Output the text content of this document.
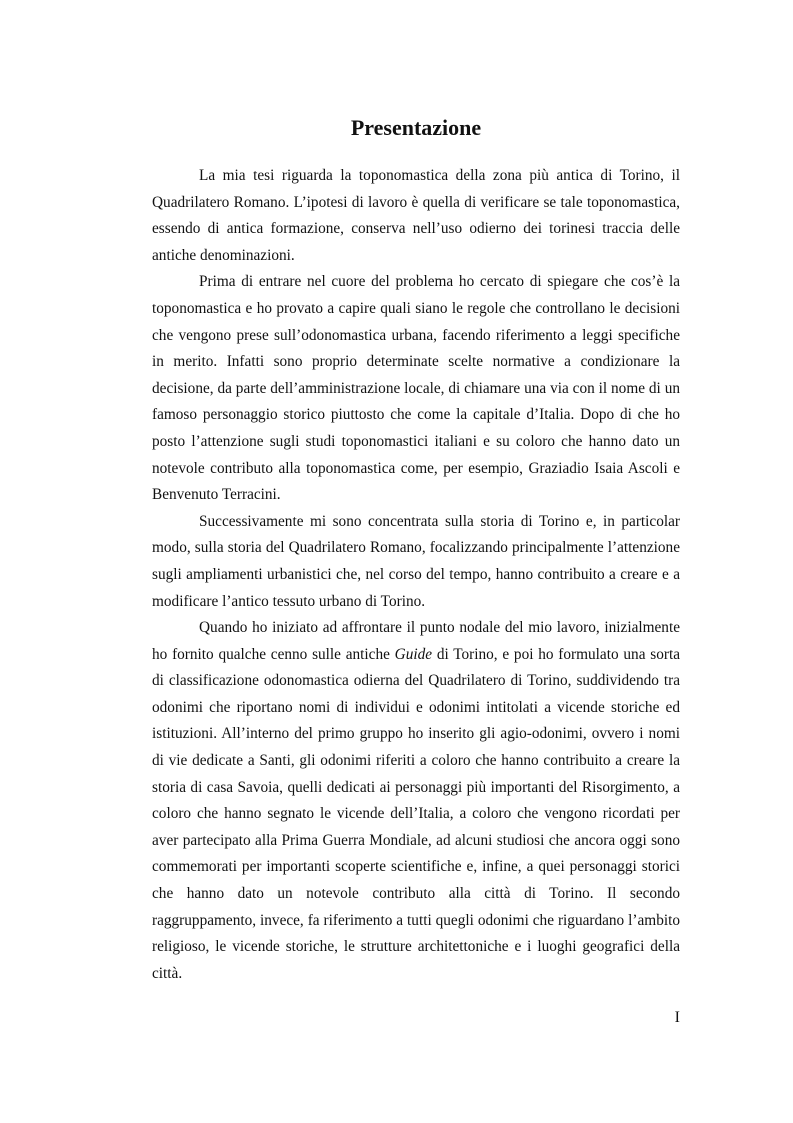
Presentazione

La mia tesi riguarda la toponomastica della zona più antica di Torino, il Quadrilatero Romano. L’ipotesi di lavoro è quella di verificare se tale toponomastica, essendo di antica formazione, conserva nell’uso odierno dei torinesi traccia delle antiche denominazioni.

Prima di entrare nel cuore del problema ho cercato di spiegare che cos’è la toponomastica e ho provato a capire quali siano le regole che controllano le decisioni che vengono prese sull’odonomastica urbana, facendo riferimento a leggi specifiche in merito. Infatti sono proprio determinate scelte normative a condizionare la decisione, da parte dell’amministrazione locale, di chiamare una via con il nome di un famoso personaggio storico piuttosto che come la capitale d’Italia. Dopo di che ho posto l’attenzione sugli studi toponomastici italiani e su coloro che hanno dato un notevole contributo alla toponomastica come, per esempio, Graziadio Isaia Ascoli e Benvenuto Terracini.

Successivamente mi sono concentrata sulla storia di Torino e, in particolar modo, sulla storia del Quadrilatero Romano, focalizzando principalmente l’attenzione sugli ampliamenti urbanistici che, nel corso del tempo, hanno contribuito a creare e a modificare l’antico tessuto urbano di Torino.

Quando ho iniziato ad affrontare il punto nodale del mio lavoro, inizialmente ho fornito qualche cenno sulle antiche Guide di Torino, e poi ho formulato una sorta di classificazione odonomastica odierna del Quadrilatero di Torino, suddividendo tra odonimi che riportano nomi di individui e odonimi intitolati a vicende storiche ed istituzioni. All’interno del primo gruppo ho inserito gli agio-odonimi, ovvero i nomi di vie dedicate a Santi, gli odonimi riferiti a coloro che hanno contribuito a creare la storia di casa Savoia, quelli dedicati ai personaggi più importanti del Risorgimento, a coloro che hanno segnato le vicende dell’Italia, a coloro che vengono ricordati per aver partecipato alla Prima Guerra Mondiale, ad alcuni studiosi che ancora oggi sono commemorati per importanti scoperte scientifiche e, infine, a quei personaggi storici che hanno dato un notevole contributo alla città di Torino. Il secondo raggruppamento, invece, fa riferimento a tutti quegli odonimi che riguardano l’ambito religioso, le vicende storiche, le strutture architettoniche e i luoghi geografici della città.

I
